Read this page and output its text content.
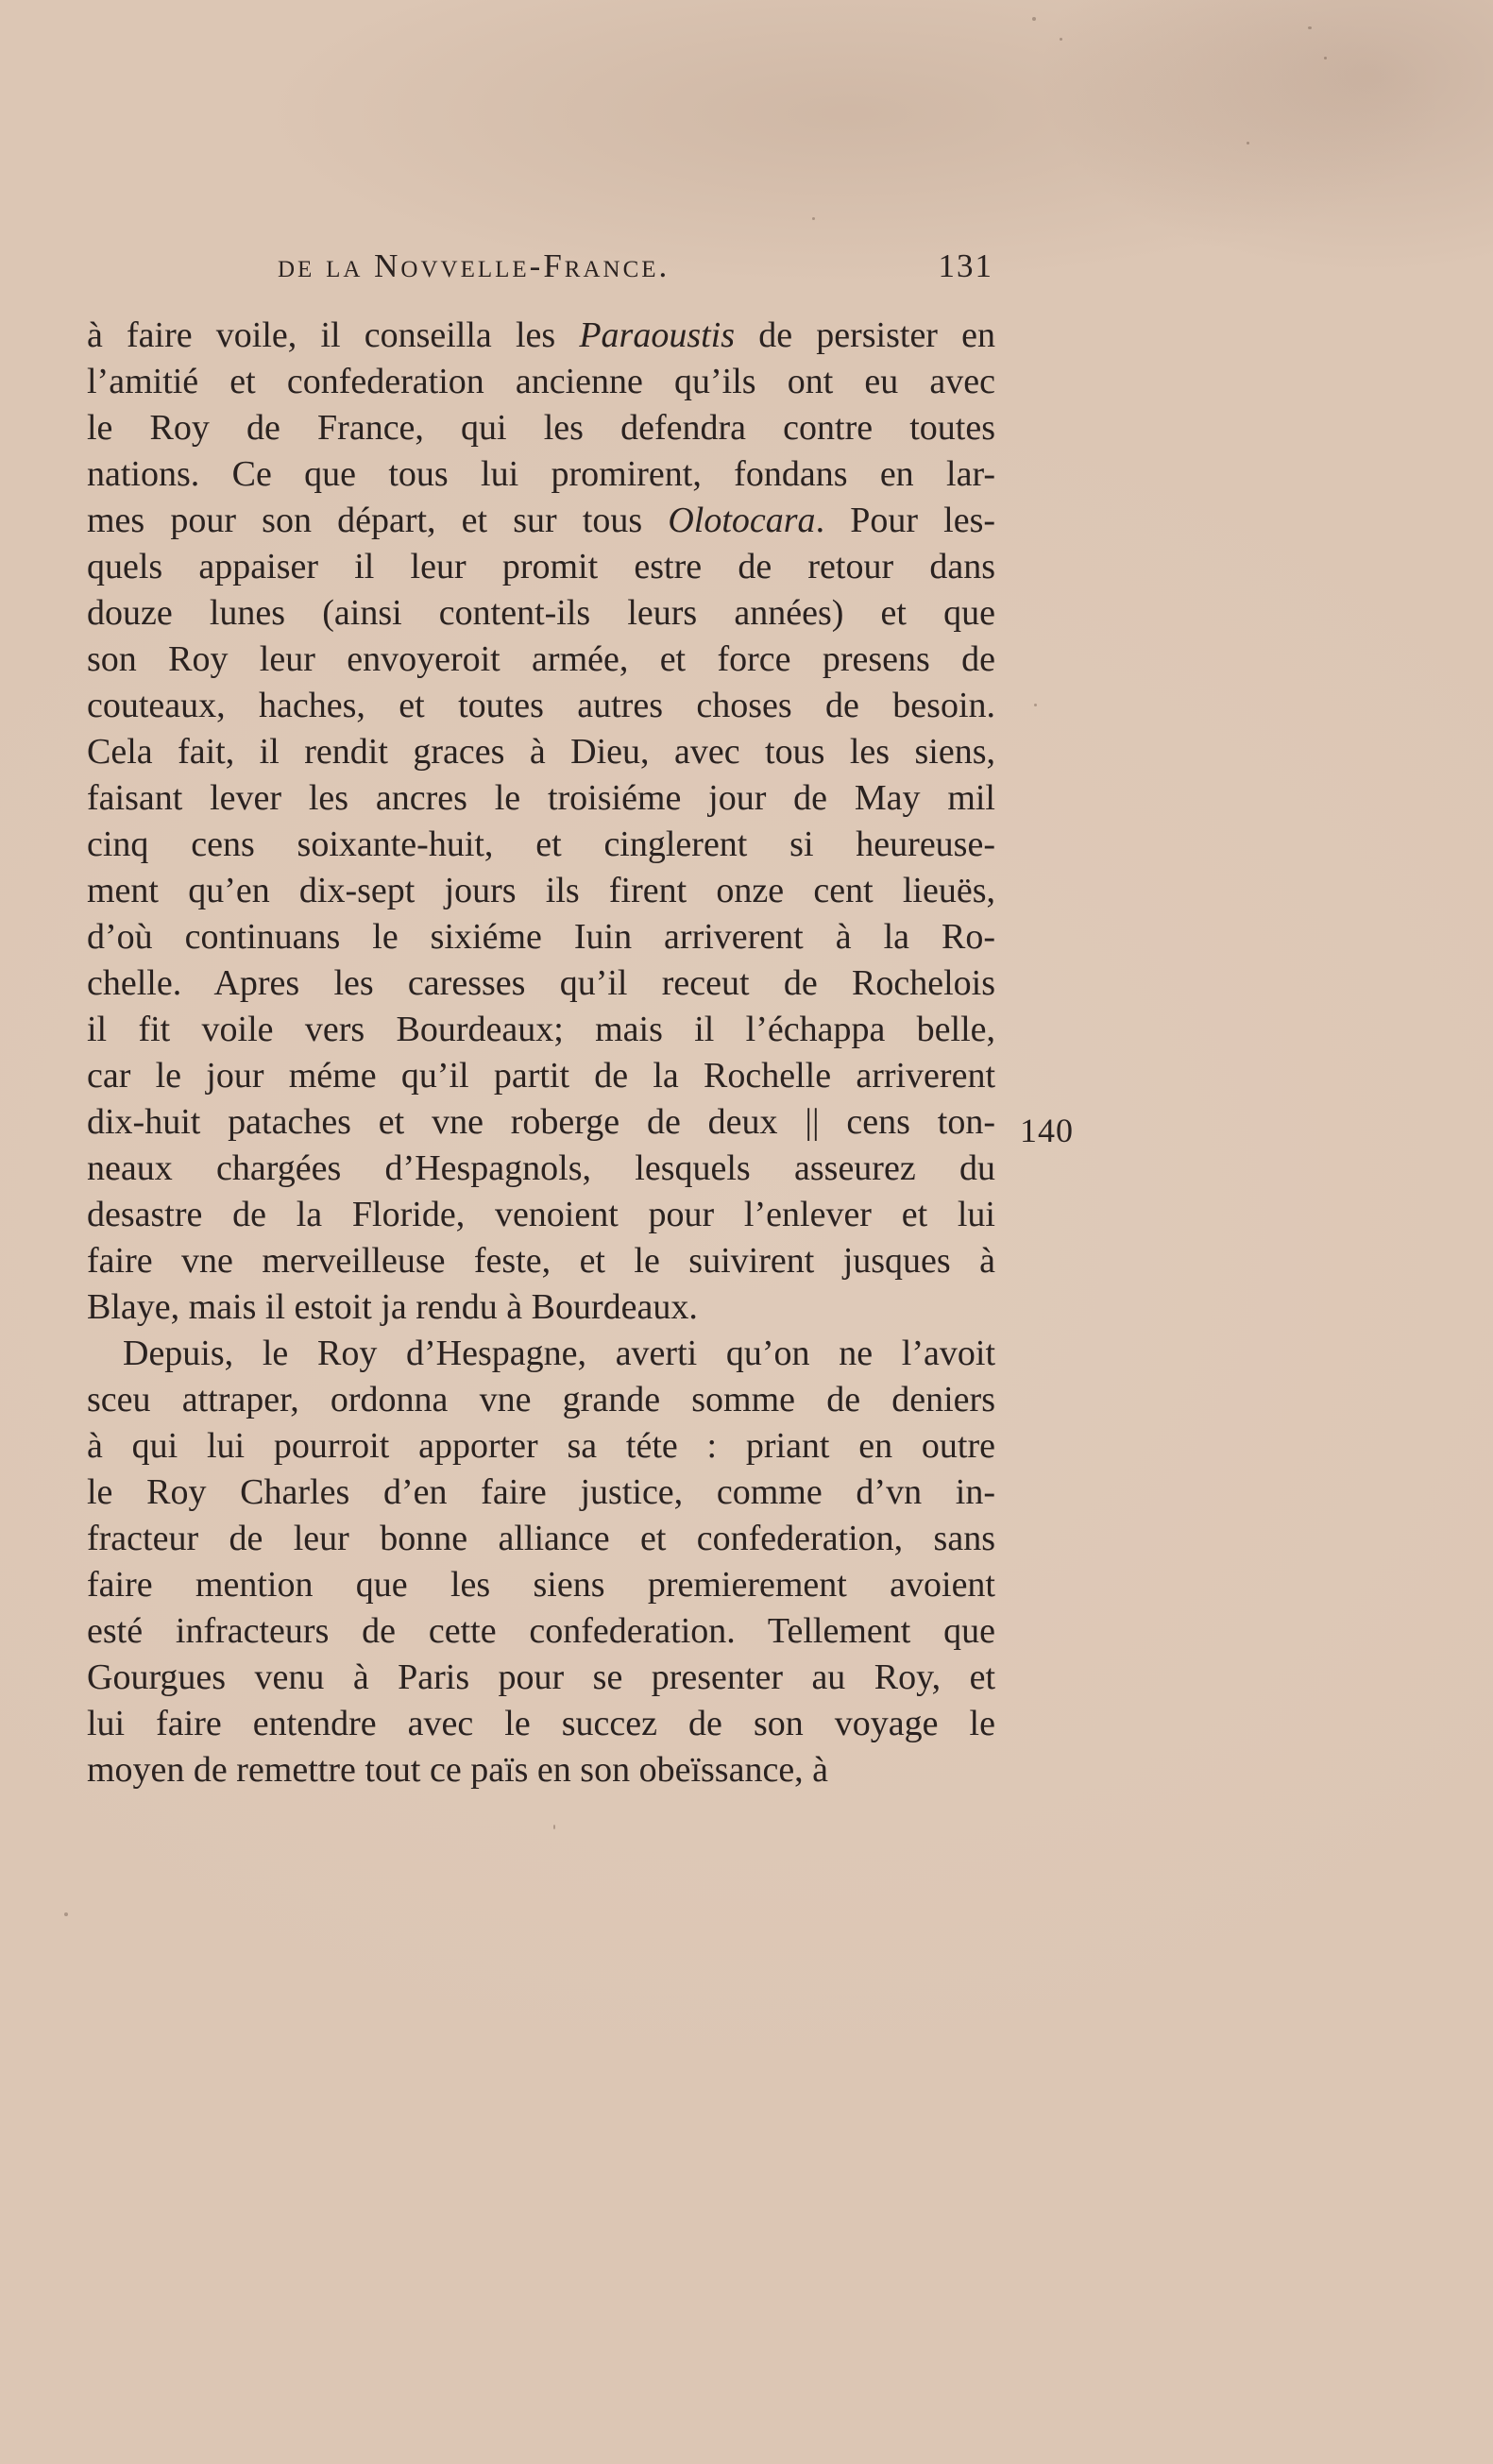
de la Novvelle-France.	131
140
à faire voile, il conseilla les Paraoustis de persister en
l’amitié et confederation ancienne qu’ils ont eu avec
le Roy de France, qui les defendra contre toutes
nations. Ce que tous lui promirent, fondans en lar-
mes pour son départ, et sur tous Olotocara. Pour les-
quels appaiser il leur promit estre de retour dans
douze lunes (ainsi content-ils leurs années) et que
son Roy leur envoyeroit armée, et force presens de
couteaux, haches, et toutes autres choses de besoin.
Cela fait, il rendit graces à Dieu, avec tous les siens,
faisant lever les ancres le troisiéme jour de May mil
cinq cens soixante-huit, et cinglerent si heureuse-
ment qu’en dix-sept jours ils firent onze cent lieuës,
d’où continuans le sixiéme Iuin arriverent à la Ro-
chelle. Apres les caresses qu’il receut de Rochelois
il fit voile vers Bourdeaux; mais il l’échappa belle,
car le jour méme qu’il partit de la Rochelle arriverent
dix-huit pataches et vne roberge de deux || cens ton-
neaux chargées d’Hespagnols, lesquels asseurez du
desastre de la Floride, venoient pour l’enlever et lui
faire vne merveilleuse feste, et le suivirent jusques à
Blaye, mais il estoit ja rendu à Bourdeaux.
Depuis, le Roy d’Hespagne, averti qu’on ne l’avoit
sceu attraper, ordonna vne grande somme de deniers
à qui lui pourroit apporter sa téte : priant en outre
le Roy Charles d’en faire justice, comme d’vn in-
fracteur de leur bonne alliance et confederation, sans
faire mention que les siens premierement avoient
esté infracteurs de cette confederation. Tellement que
Gourgues venu à Paris pour se presenter au Roy, et
lui faire entendre avec le succez de son voyage le
moyen de remettre tout ce païs en son obeïssance, à
